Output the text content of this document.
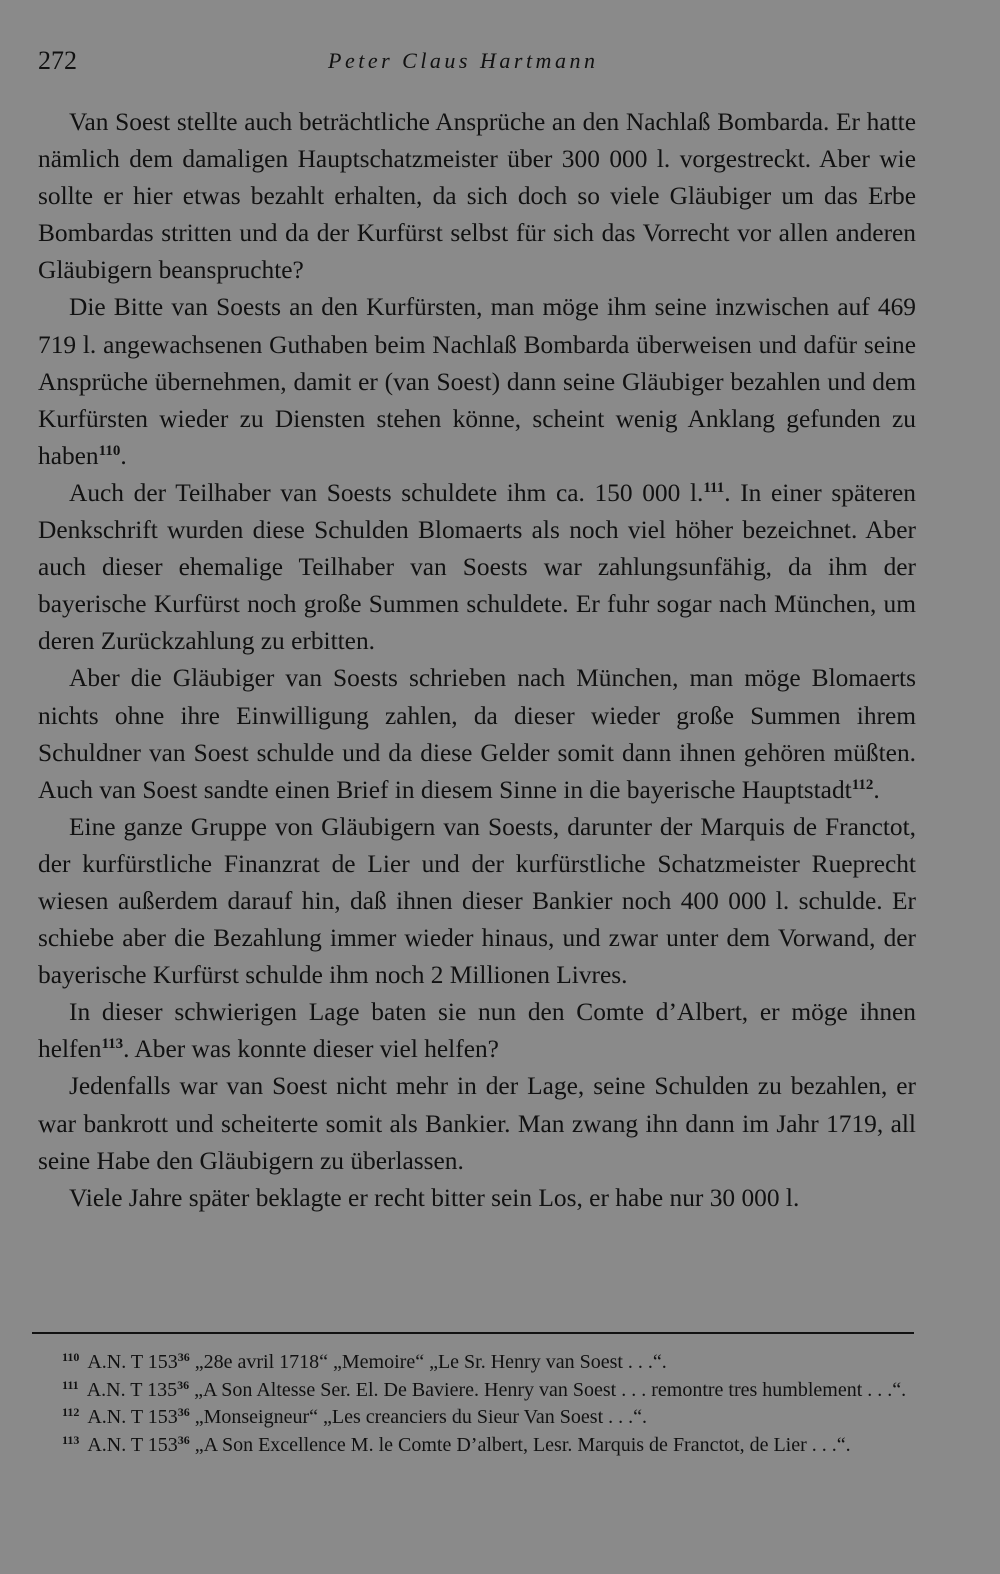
272	Peter Claus Hartmann

Van Soest stellte auch beträchtliche Ansprüche an den Nachlaß Bombarda. Er hatte nämlich dem damaligen Hauptschatzmeister über 300 000 l. vorgestreckt. Aber wie sollte er hier etwas bezahlt erhalten, da sich doch so viele Gläubiger um das Erbe Bombardas stritten und da der Kurfürst selbst für sich das Vorrecht vor allen anderen Gläubigern beanspruchte?

Die Bitte van Soests an den Kurfürsten, man möge ihm seine inzwischen auf 469 719 l. angewachsenen Guthaben beim Nachlaß Bombarda überweisen und dafür seine Ansprüche übernehmen, damit er (van Soest) dann seine Gläubiger bezahlen und dem Kurfürsten wieder zu Diensten stehen könne, scheint wenig Anklang gefunden zu haben$^{110}$.

Auch der Teilhaber van Soests schuldete ihm ca. 150 000 l.$^{111}$. In einer späteren Denkschrift wurden diese Schulden Blomaerts als noch viel höher bezeichnet. Aber auch dieser ehemalige Teilhaber van Soests war zahlungsunfähig, da ihm der bayerische Kurfürst noch große Summen schuldete. Er fuhr sogar nach München, um deren Zurückzahlung zu erbitten.

Aber die Gläubiger van Soests schrieben nach München, man möge Blomaerts nichts ohne ihre Einwilligung zahlen, da dieser wieder große Summen ihrem Schuldner van Soest schulde und da diese Gelder somit dann ihnen gehören müßten. Auch van Soest sandte einen Brief in diesem Sinne in die bayerische Hauptstadt$^{112}$.

Eine ganze Gruppe von Gläubigern van Soests, darunter der Marquis de Franctot, der kurfürstliche Finanzrat de Lier und der kurfürstliche Schatzmeister Rueprecht wiesen außerdem darauf hin, daß ihnen dieser Bankier noch 400 000 l. schulde. Er schiebe aber die Bezahlung immer wieder hinaus, und zwar unter dem Vorwand, der bayerische Kurfürst schulde ihm noch 2 Millionen Livres.

In dieser schwierigen Lage baten sie nun den Comte d’Albert, er möge ihnen helfen$^{113}$. Aber was konnte dieser viel helfen?

Jedenfalls war van Soest nicht mehr in der Lage, seine Schulden zu bezahlen, er war bankrott und scheiterte somit als Bankier. Man zwang ihn dann im Jahr 1719, all seine Habe den Gläubigern zu überlassen.

Viele Jahre später beklagte er recht bitter sein Los, er habe nur 30 000 l.

$^{110}$ A.N. T 153$^{36}$ „28e avril 1718“ „Memoire“ „Le Sr. Henry van Soest . . .“.

$^{111}$ A.N. T 135$^{36}$ „A Son Altesse Ser. El. De Baviere. Henry van Soest . . . remontre tres humblement . . .“.

$^{112}$ A.N. T 153$^{36}$ „Monseigneur“ „Les creanciers du Sieur Van Soest . . .“.

$^{113}$ A.N. T 153$^{36}$ „A Son Excellence M. le Comte D’albert, Lesr. Marquis de Franctot, de Lier . . .“.
